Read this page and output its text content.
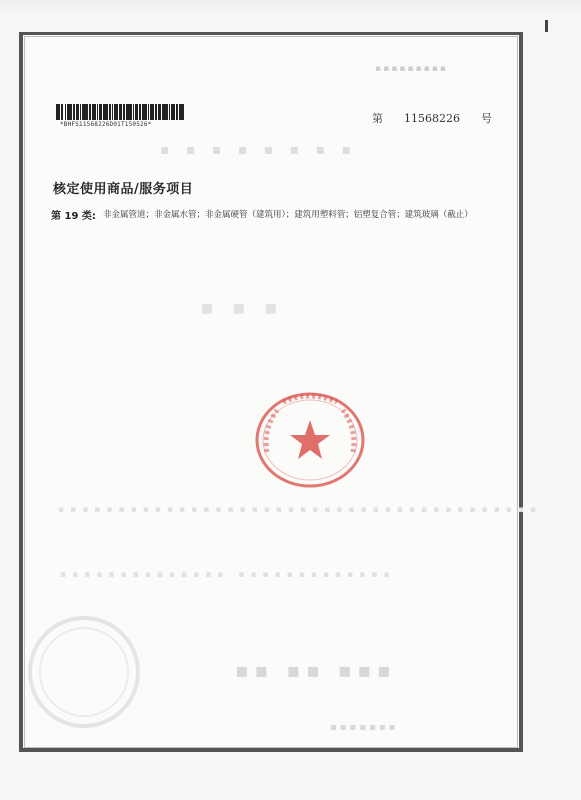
▪▪▪▪▪▪▪▪▪
▪ ▪ ▪ ▪ ▪ ▪ ▪ ▪
▪ ▪ ▪
▪▪▪▪▪▪▪▪▪▪▪▪▪▪▪▪▪▪▪▪▪▪▪▪▪▪▪▪▪▪▪▪▪▪▪▪▪▪▪▪
▪▪▪▪▪▪▪▪▪▪▪▪▪▪ ▪▪▪▪▪▪▪▪▪▪▪▪▪
▪▪ ▪▪ ▪▪▪
▪▪▪▪▪▪▪
*BHFS11568226D01T150526*	第 11568226 号
核定使用商品/服务项目
第 19 类: 非金属管道；非金属水管；非金属硬管（建筑用）；建筑用塑料管；铝塑复合管；建筑玻璃（截止）
